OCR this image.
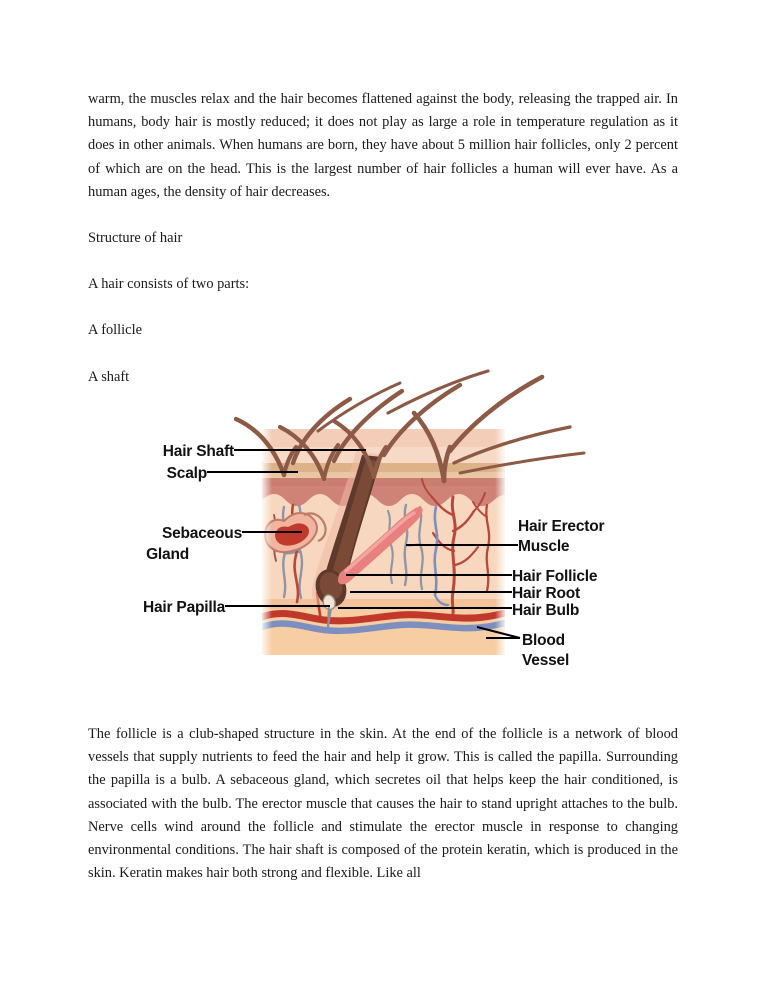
warm, the muscles relax and the hair becomes flattened against the body, releasing the trapped air. In humans, body hair is mostly reduced; it does not play as large a role in temperature regulation as it does in other animals. When humans are born, they have about 5 million hair follicles, only 2 percent of which are on the head. This is the largest number of hair follicles a human will ever have. As a human ages, the density of hair decreases.

Structure of hair

A hair consists of two parts:

A follicle

A shaft

Hair Shaft
Scalp
Sebaceous
Gland
Hair Papilla
Hair Erector
Muscle
Hair Follicle
Hair Root
Hair Bulb
Blood
Vessel

The follicle is a club-shaped structure in the skin. At the end of the follicle is a network of blood vessels that supply nutrients to feed the hair and help it grow. This is called the papilla. Surrounding the papilla is a bulb. A sebaceous gland, which secretes oil that helps keep the hair conditioned, is associated with the bulb. The erector muscle that causes the hair to stand upright attaches to the bulb. Nerve cells wind around the follicle and stimulate the erector muscle in response to changing environmental conditions. The hair shaft is composed of the protein keratin, which is produced in the skin. Keratin makes hair both strong and flexible. Like all
